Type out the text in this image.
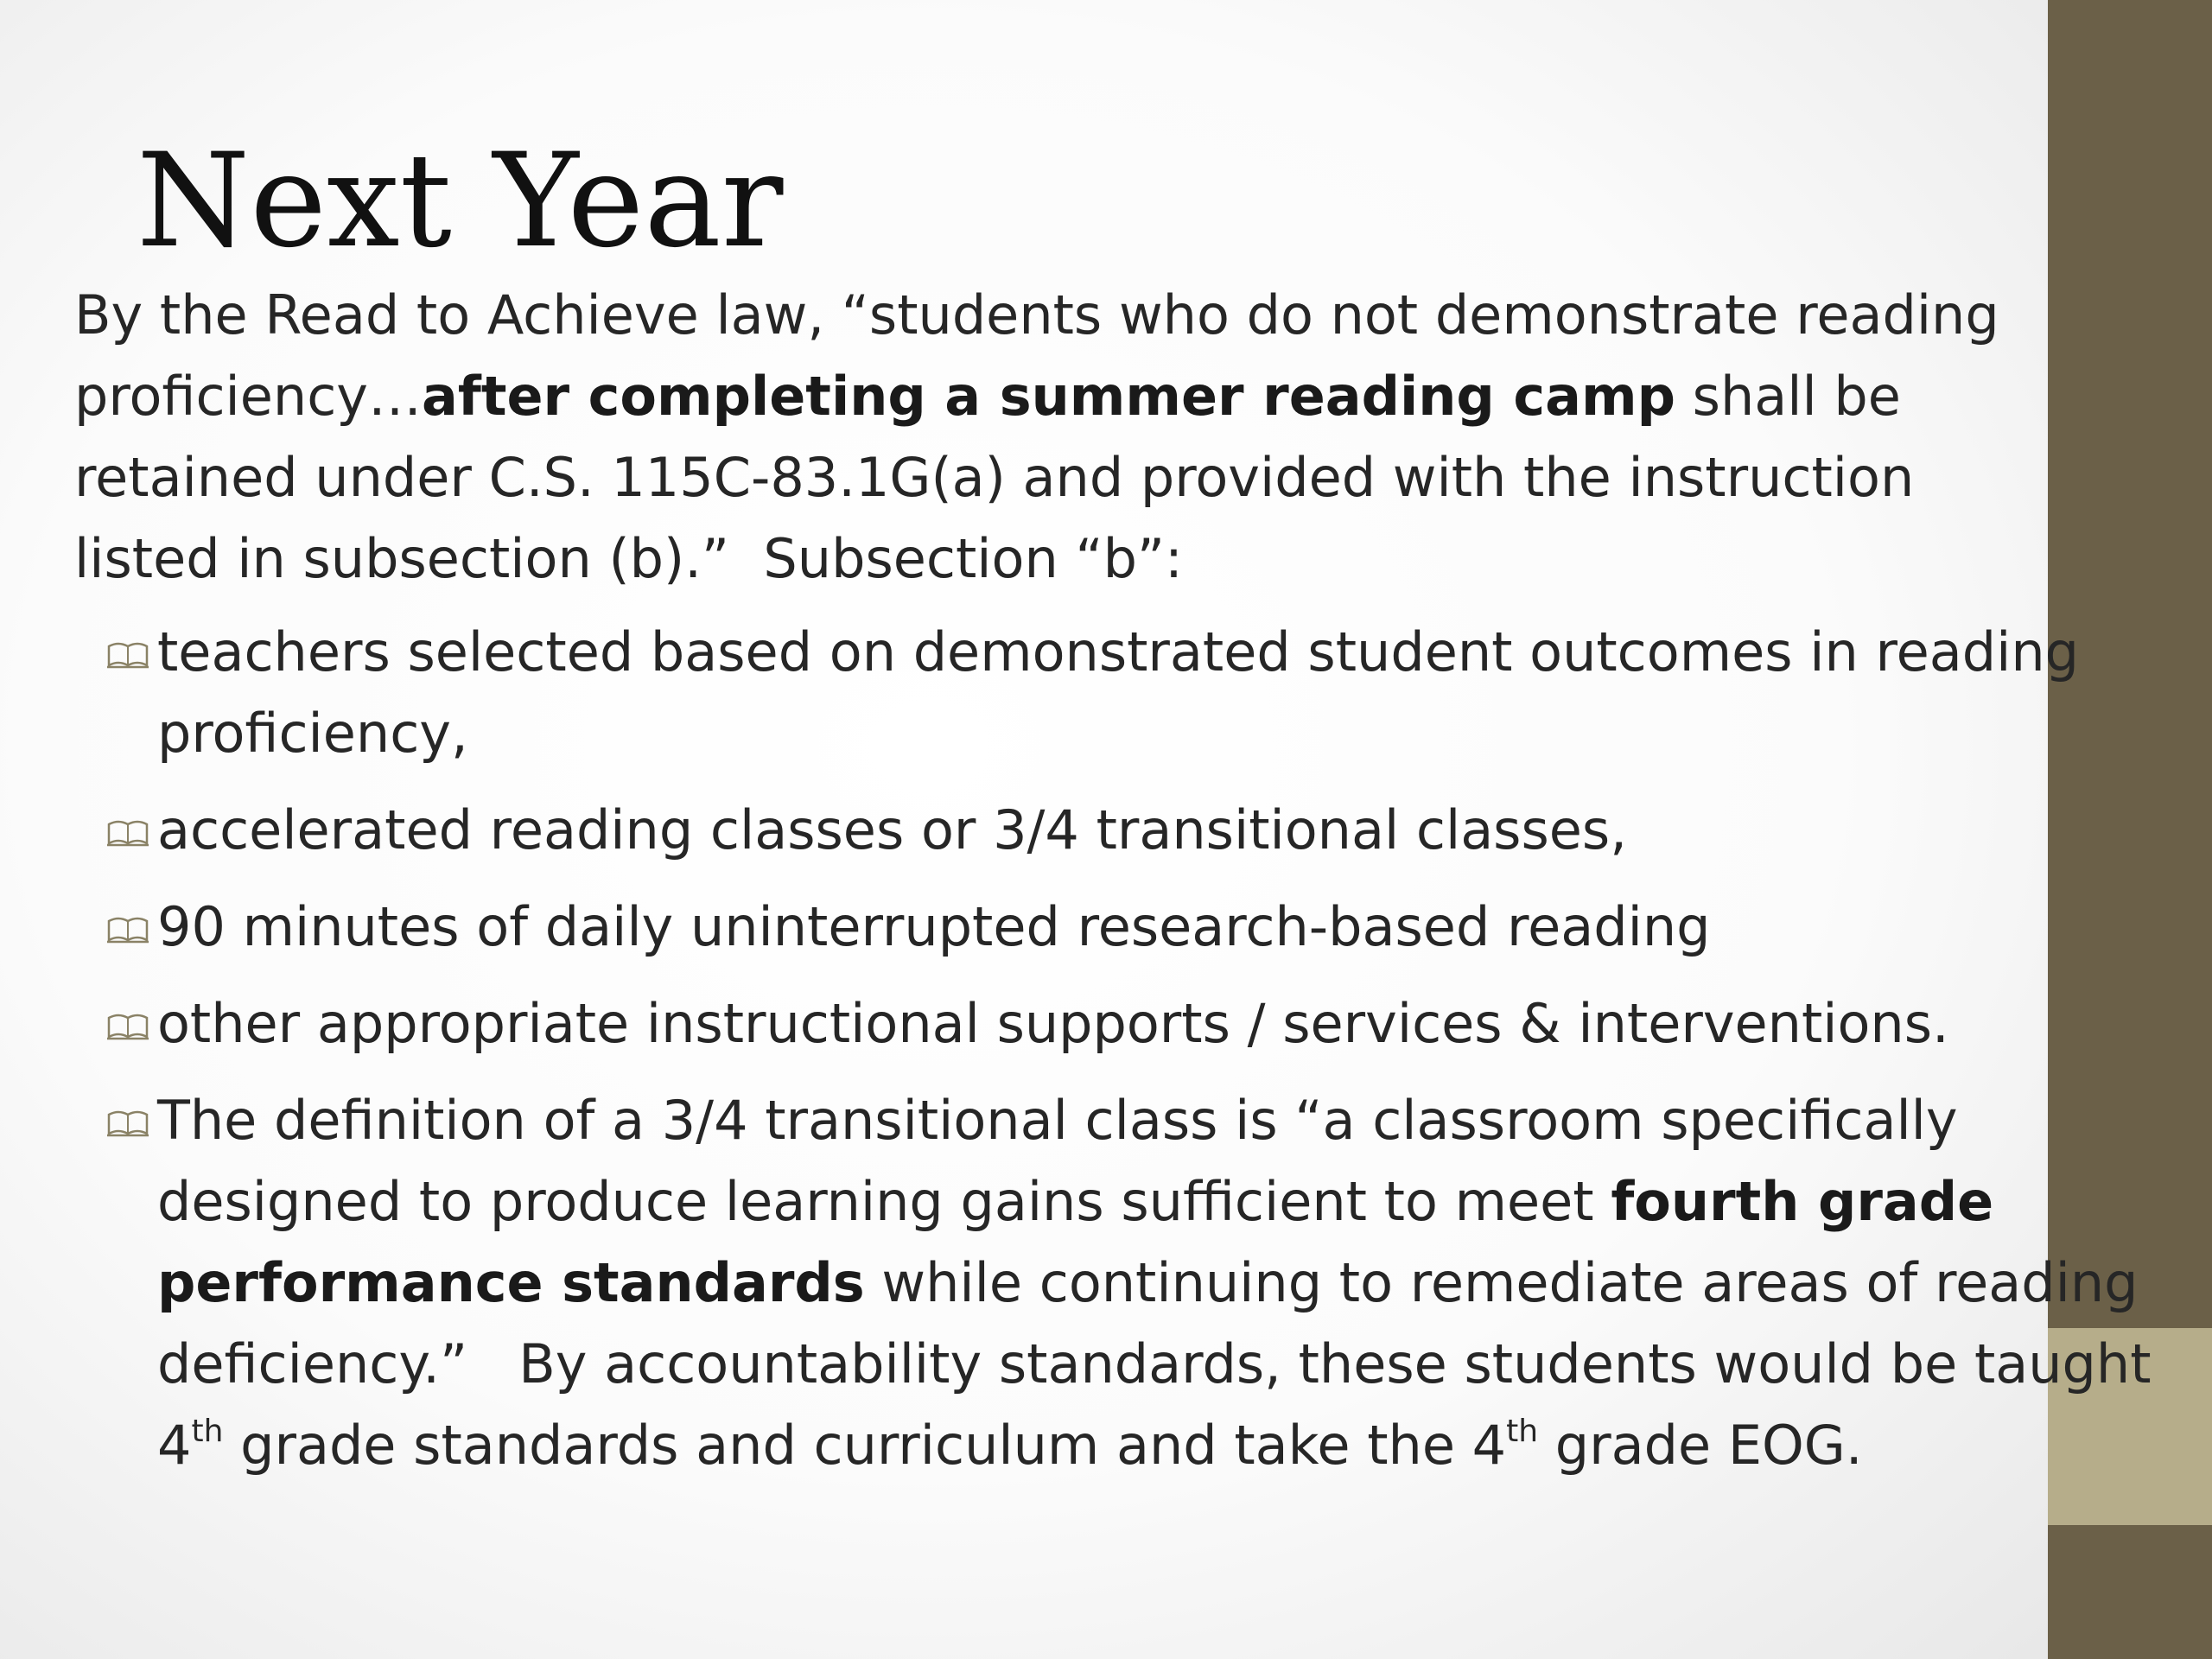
Next Year

By the Read to Achieve law, “students who do not demonstrate reading proficiency…after completing a summer reading camp shall be retained under C.S. 115C-83.1G(a) and provided with the instruction listed in subsection (b).”  Subsection “b”:

teachers selected based on demonstrated student outcomes in reading proficiency,
accelerated reading classes or 3/4 transitional classes,
90 minutes of daily uninterrupted research-based reading
other appropriate instructional supports / services & interventions.
The definition of a 3/4 transitional class is “a classroom specifically designed to produce learning gains sufficient to meet fourth grade performance standards while continuing to remediate areas of reading deficiency.”   By accountability standards, these students would be taught 4th grade standards and curriculum and take the 4th grade EOG.
